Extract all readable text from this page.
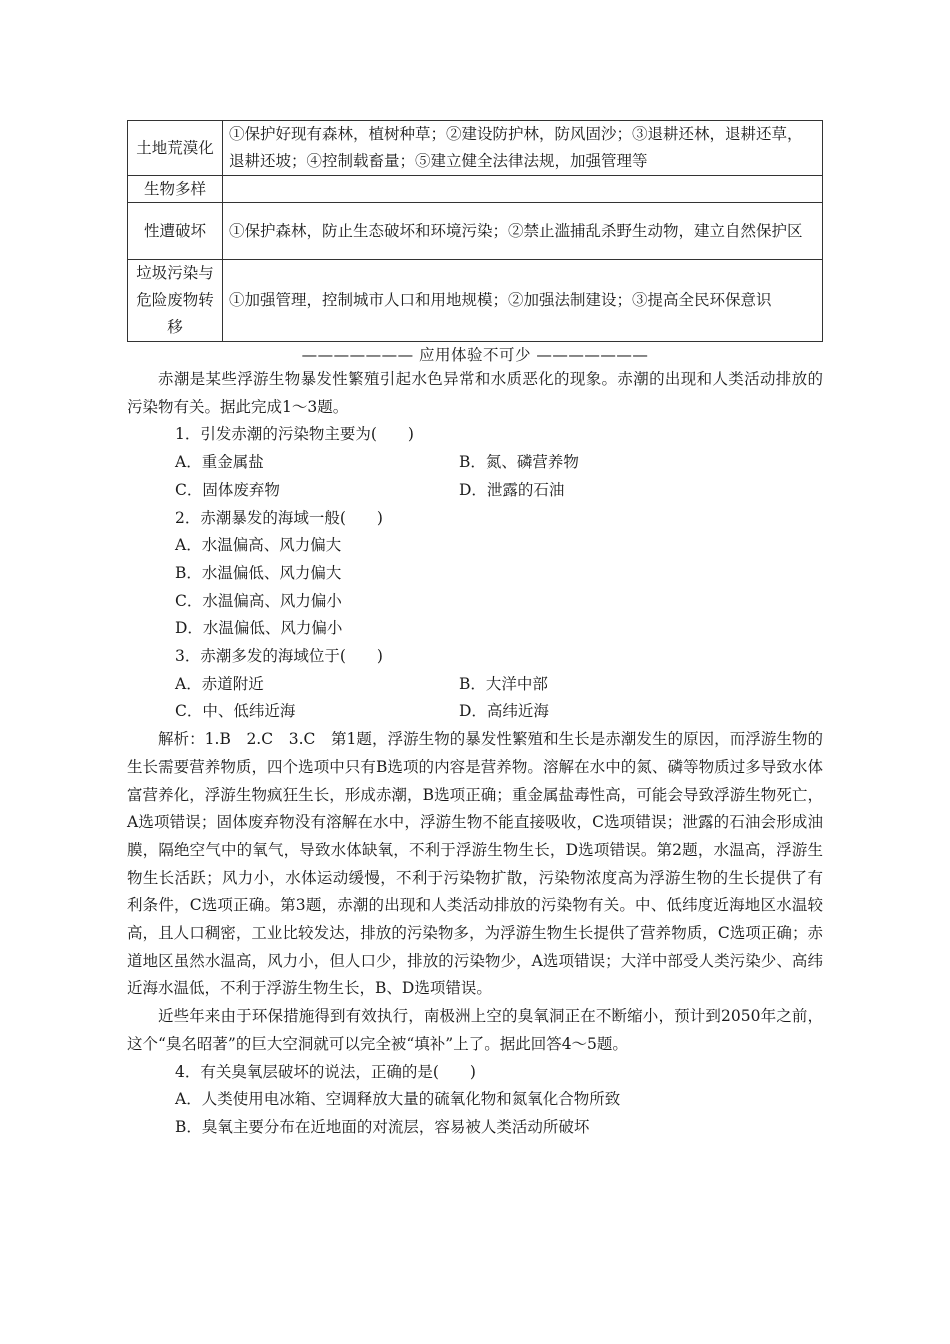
土地荒漠化	①保护好现有森林，植树种草；②建设防护林，防风固沙；③退耕还林，退耕还草，退耕还坡；④控制载畜量；⑤建立健全法律法规，加强管理等
生物多样	
性遭破坏	①保护森林，防止生态破坏和环境污染；②禁止滥捕乱杀野生动物，建立自然保护区
垃圾污染与危险废物转移	①加强管理，控制城市人口和用地规模；②加强法制建设；③提高全民环保意识
——————— 应用体验不可少 ———————

赤潮是某些浮游生物暴发性繁殖引起水色异常和水质恶化的现象。赤潮的出现和人类活动排放的污染物有关。据此完成1～3题。

1．引发赤潮的污染物主要为(　　)

A．重金属盐	B．氮、磷营养物
C．固体废弃物	D．泄露的石油

2．赤潮暴发的海域一般(　　)

A．水温偏高、风力偏大

B．水温偏低、风力偏大

C．水温偏高、风力偏小

D．水温偏低、风力偏小

3．赤潮多发的海域位于(　　)

A．赤道附近	B．大洋中部
C．中、低纬近海	D．高纬近海

解析：1.B　2.C　3.C　第1题，浮游生物的暴发性繁殖和生长是赤潮发生的原因，而浮游生物的生长需要营养物质，四个选项中只有B选项的内容是营养物。溶解在水中的氮、磷等物质过多导致水体富营养化，浮游生物疯狂生长，形成赤潮，B选项正确；重金属盐毒性高，可能会导致浮游生物死亡，A选项错误；固体废弃物没有溶解在水中，浮游生物不能直接吸收，C选项错误；泄露的石油会形成油膜，隔绝空气中的氧气，导致水体缺氧，不利于浮游生物生长，D选项错误。第2题，水温高，浮游生物生长活跃；风力小，水体运动缓慢，不利于污染物扩散，污染物浓度高为浮游生物的生长提供了有利条件，C选项正确。第3题，赤潮的出现和人类活动排放的污染物有关。中、低纬度近海地区水温较高，且人口稠密，工业比较发达，排放的污染物多，为浮游生物生长提供了营养物质，C选项正确；赤道地区虽然水温高，风力小，但人口少，排放的污染物少，A选项错误；大洋中部受人类污染少、高纬近海水温低，不利于浮游生物生长，B、D选项错误。

近些年来由于环保措施得到有效执行，南极洲上空的臭氧洞正在不断缩小，预计到2050年之前，这个“臭名昭著”的巨大空洞就可以完全被“填补”上了。据此回答4～5题。

4．有关臭氧层破坏的说法，正确的是(　　)

A．人类使用电冰箱、空调释放大量的硫氧化物和氮氧化合物所致

B．臭氧主要分布在近地面的对流层，容易被人类活动所破坏
